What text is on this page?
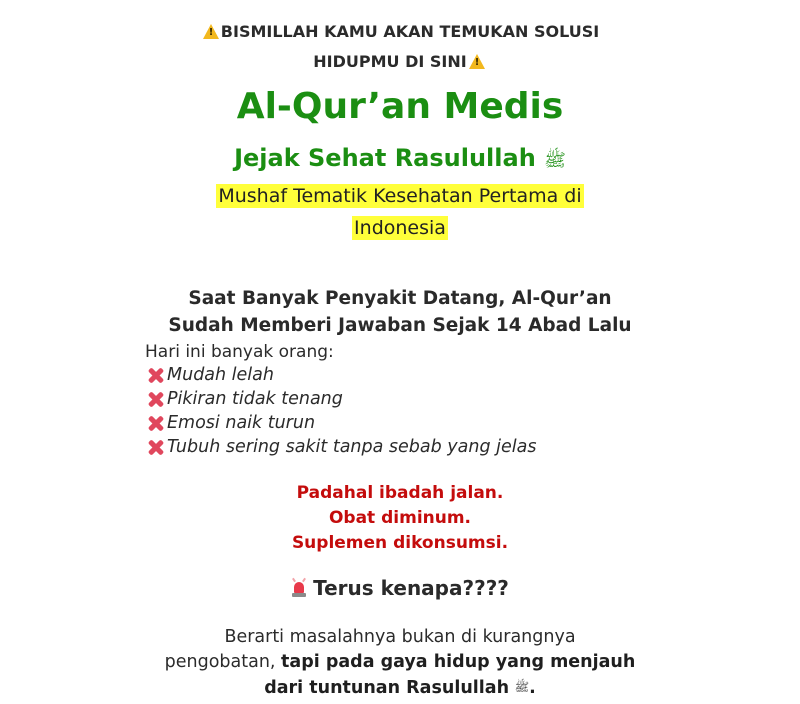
!BISMILLAH KAMU AKAN TEMUKAN SOLUSI
HIDUPMU DI SINI!
Al-Qur’an Medis
Jejak Sehat Rasulullah ﷺ
Mushaf Tematik Kesehatan Pertama di
Indonesia
Saat Banyak Penyakit Datang, Al-Qur’an
Sudah Memberi Jawaban Sejak 14 Abad Lalu
Hari ini banyak orang:
Mudah lelah
Pikiran tidak tenang
Emosi naik turun
Tubuh sering sakit tanpa sebab yang jelas
Padahal ibadah jalan.
Obat diminum.
Suplemen dikonsumsi.
Terus kenapa????
Berarti masalahnya bukan di kurangnya
pengobatan, tapi pada gaya hidup yang menjauh
dari tuntunan Rasulullah ﷺ.
